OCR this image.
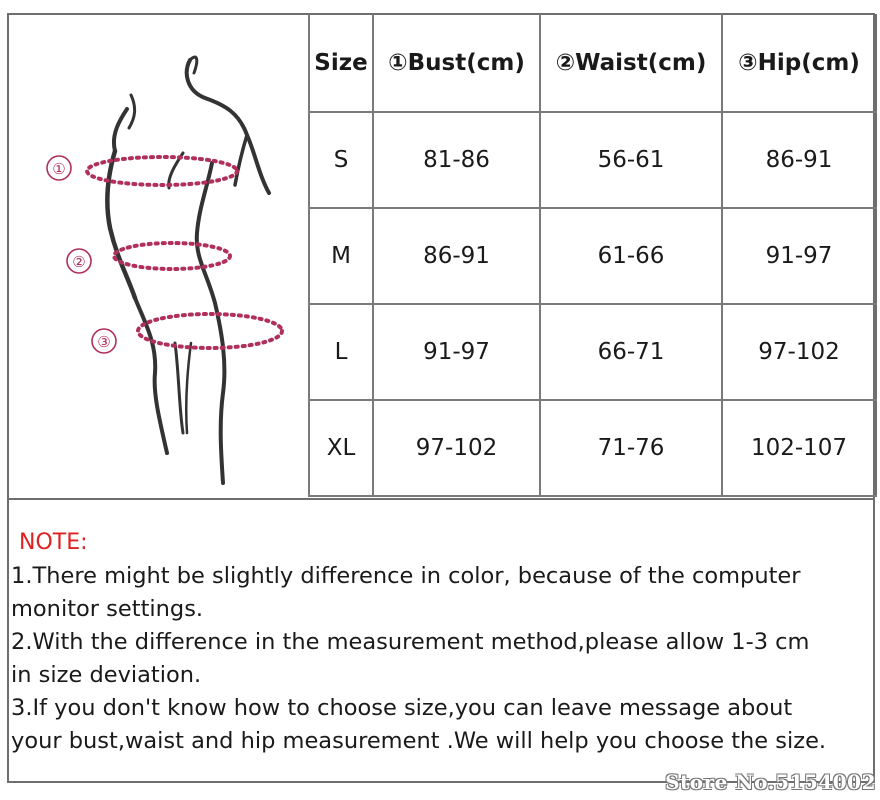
①
②
③
Size	①Bust(cm)	②Waist(cm)	③Hip(cm)
S	81-86	56-61	86-91
M	86-91	61-66	91-97
L	91-97	66-71	97-102
XL	97-102	71-76	102-107

NOTE:

1.There might be slightly difference in color, because of the computer

monitor settings.

2.With the difference in the measurement method,please allow 1-3 cm

in size deviation.

3.If you don't know how to choose size,you can leave message about

your bust,waist and hip measurement .We will help you choose the size.

Store No.5154002
